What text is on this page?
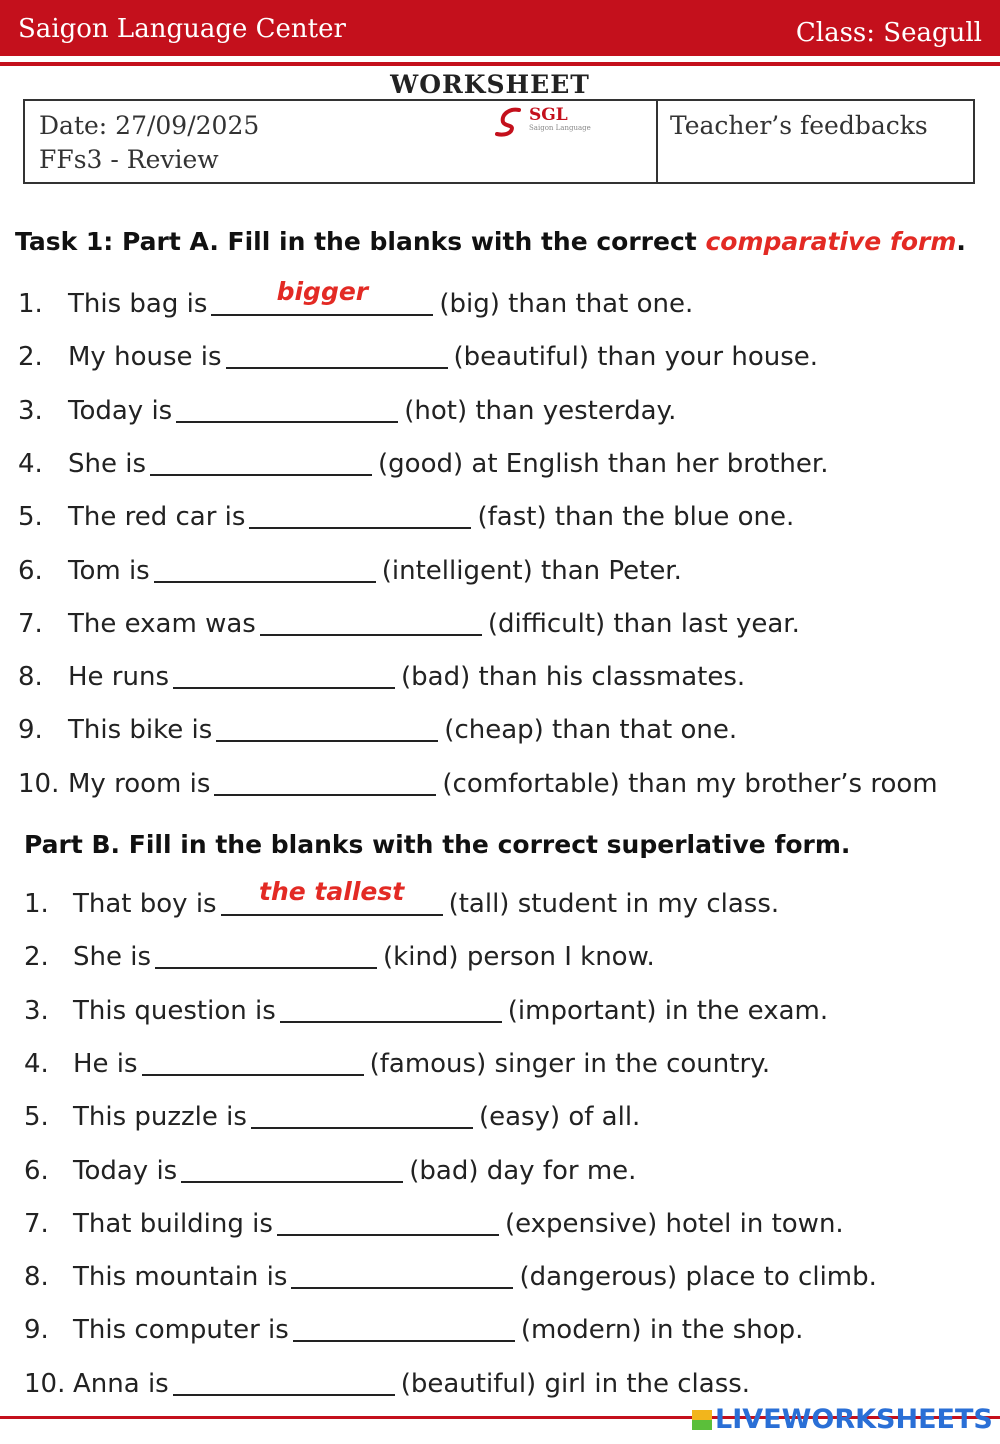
Saigon Language Center	Class: Seagull
WORKSHEET
Date: 27/09/2025
FFs3 - Review
SGL
Saigon Language	Teacher’s feedbacks
Task 1: Part A. Fill in the blanks with the correct comparative form.
1. This bag is	bigger	(big) than that one.
2. My house is	(beautiful) than your house.
3. Today is	(hot) than yesterday.
4. She is	(good) at English than her brother.
5. The red car is	(fast) than the blue one.
6. Tom is	(intelligent) than Peter.
7. The exam was	(difficult) than last year.
8. He runs	(bad) than his classmates.
9. This bike is	(cheap) than that one.
10. My room is	(comfortable) than my brother’s room
Part B. Fill in the blanks with the correct superlative form.
1. That boy is	the tallest	(tall) student in my class.
2. She is	(kind) person I know.
3. This question is	(important) in the exam.
4. He is	(famous) singer in the country.
5. This puzzle is	(easy) of all.
6. Today is	(bad) day for me.
7. That building is	(expensive) hotel in town.
8. This mountain is	(dangerous) place to climb.
9. This computer is	(modern) in the shop.
10. Anna is	(beautiful) girl in the class.
LIVEWORKSHEETS
